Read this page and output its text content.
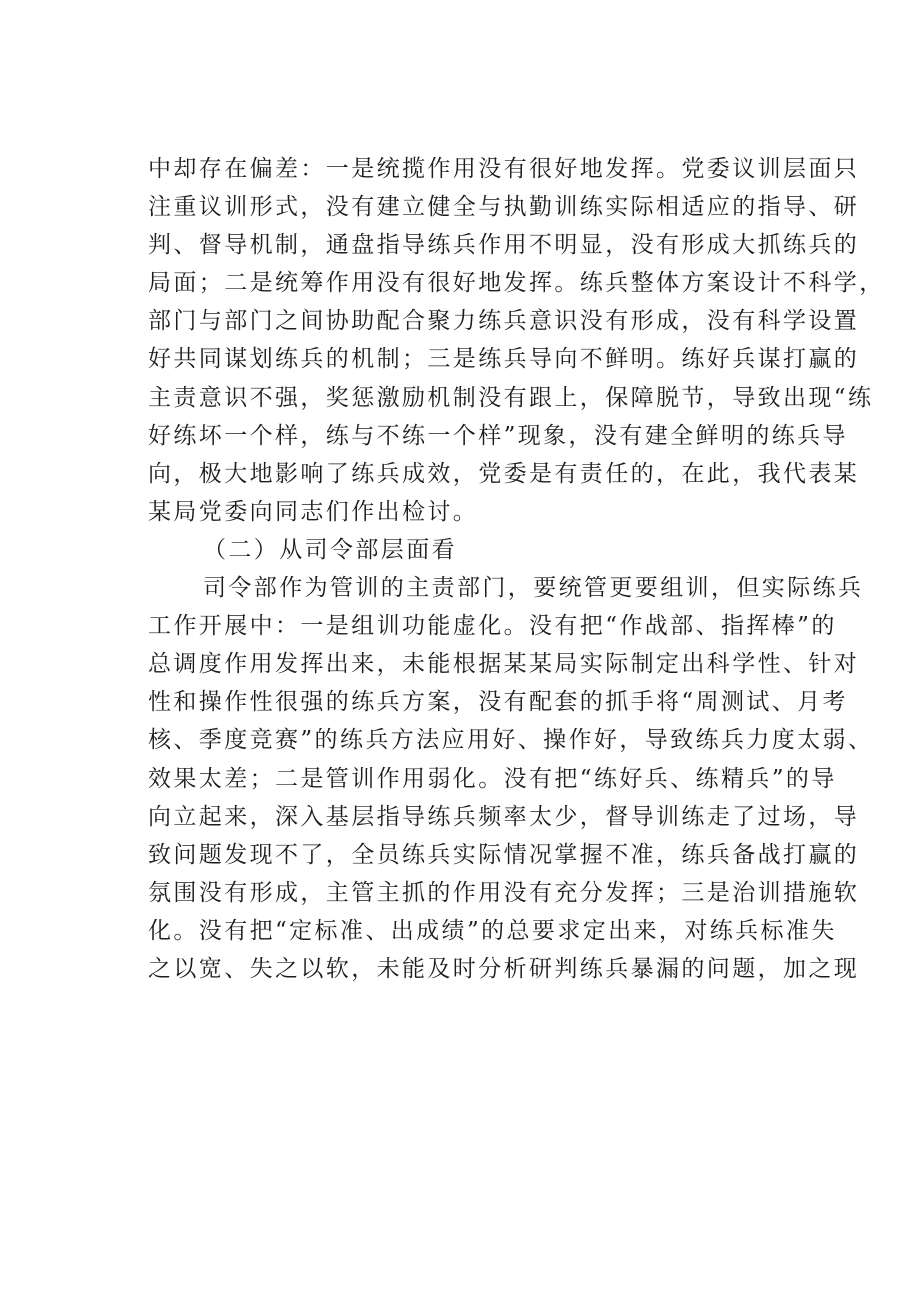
中却存在偏差：一是统揽作用没有很好地发挥。党委议训层面只
注重议训形式，没有建立健全与执勤训练实际相适应的指导、研
判、督导机制，通盘指导练兵作用不明显，没有形成大抓练兵的
局面；二是统筹作用没有很好地发挥。练兵整体方案设计不科学，
部门与部门之间协助配合聚力练兵意识没有形成，没有科学设置
好共同谋划练兵的机制；三是练兵导向不鲜明。练好兵谋打赢的
主责意识不强，奖惩激励机制没有跟上，保障脱节，导致出现“练
好练坏一个样，练与不练一个样”现象，没有建全鲜明的练兵导
向，极大地影响了练兵成效，党委是有责任的，在此，我代表某
某局党委向同志们作出检讨。
（二）从司令部层面看
司令部作为管训的主责部门，要统管更要组训，但实际练兵
工作开展中：一是组训功能虚化。没有把“作战部、指挥棒”的
总调度作用发挥出来，未能根据某某局实际制定出科学性、针对
性和操作性很强的练兵方案，没有配套的抓手将“周测试、月考
核、季度竞赛”的练兵方法应用好、操作好，导致练兵力度太弱、
效果太差；二是管训作用弱化。没有把“练好兵、练精兵”的导
向立起来，深入基层指导练兵频率太少，督导训练走了过场，导
致问题发现不了，全员练兵实际情况掌握不准，练兵备战打赢的
氛围没有形成，主管主抓的作用没有充分发挥；三是治训措施软
化。没有把“定标准、出成绩”的总要求定出来，对练兵标准失
之以宽、失之以软，未能及时分析研判练兵暴漏的问题，加之现
